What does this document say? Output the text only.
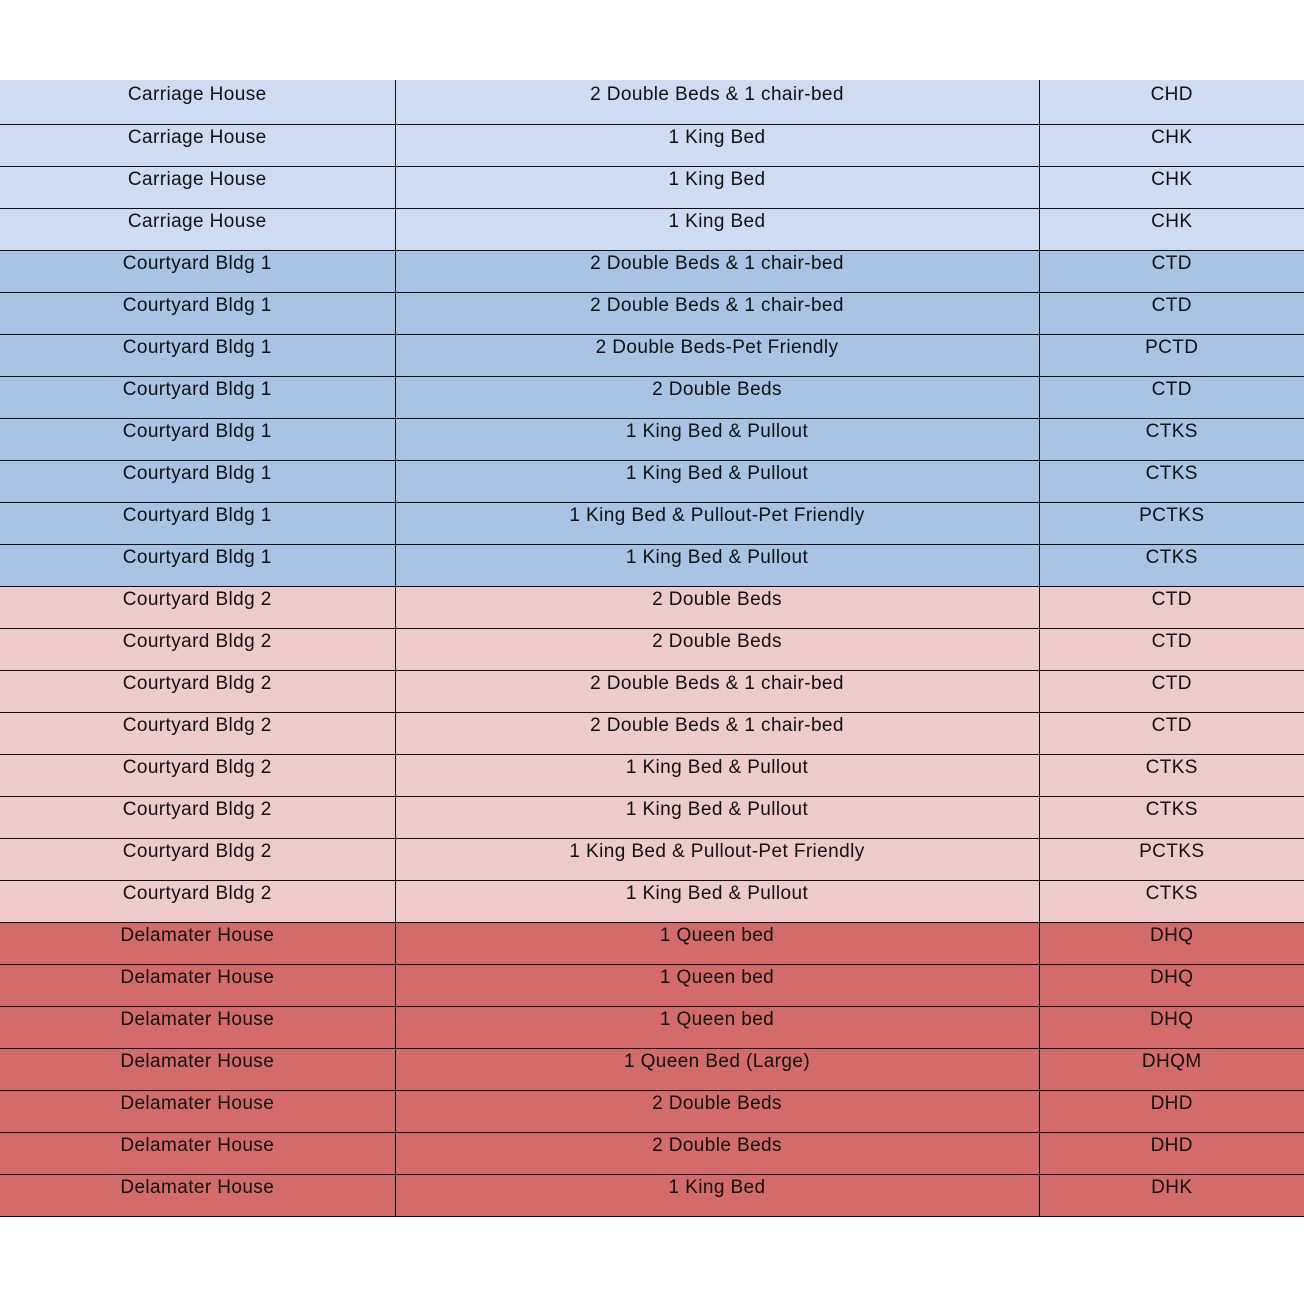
Carriage House	2 Double Beds & 1 chair-bed	CHD
Carriage House	1 King Bed	CHK
Carriage House	1 King Bed	CHK
Carriage House	1 King Bed	CHK
Courtyard Bldg 1	2 Double Beds & 1 chair-bed	CTD
Courtyard Bldg 1	2 Double Beds & 1 chair-bed	CTD
Courtyard Bldg 1	2 Double Beds-Pet Friendly	PCTD
Courtyard Bldg 1	2 Double Beds	CTD
Courtyard Bldg 1	1 King Bed & Pullout	CTKS
Courtyard Bldg 1	1 King Bed & Pullout	CTKS
Courtyard Bldg 1	1 King Bed & Pullout-Pet Friendly	PCTKS
Courtyard Bldg 1	1 King Bed & Pullout	CTKS
Courtyard Bldg 2	2 Double Beds	CTD
Courtyard Bldg 2	2 Double Beds	CTD
Courtyard Bldg 2	2 Double Beds & 1 chair-bed	CTD
Courtyard Bldg 2	2 Double Beds & 1 chair-bed	CTD
Courtyard Bldg 2	1 King Bed & Pullout	CTKS
Courtyard Bldg 2	1 King Bed & Pullout	CTKS
Courtyard Bldg 2	1 King Bed & Pullout-Pet Friendly	PCTKS
Courtyard Bldg 2	1 King Bed & Pullout	CTKS
Delamater House	1 Queen bed	DHQ
Delamater House	1 Queen bed	DHQ
Delamater House	1 Queen bed	DHQ
Delamater House	1 Queen Bed (Large)	DHQM
Delamater House	2 Double Beds	DHD
Delamater House	2 Double Beds	DHD
Delamater House	1 King Bed	DHK
